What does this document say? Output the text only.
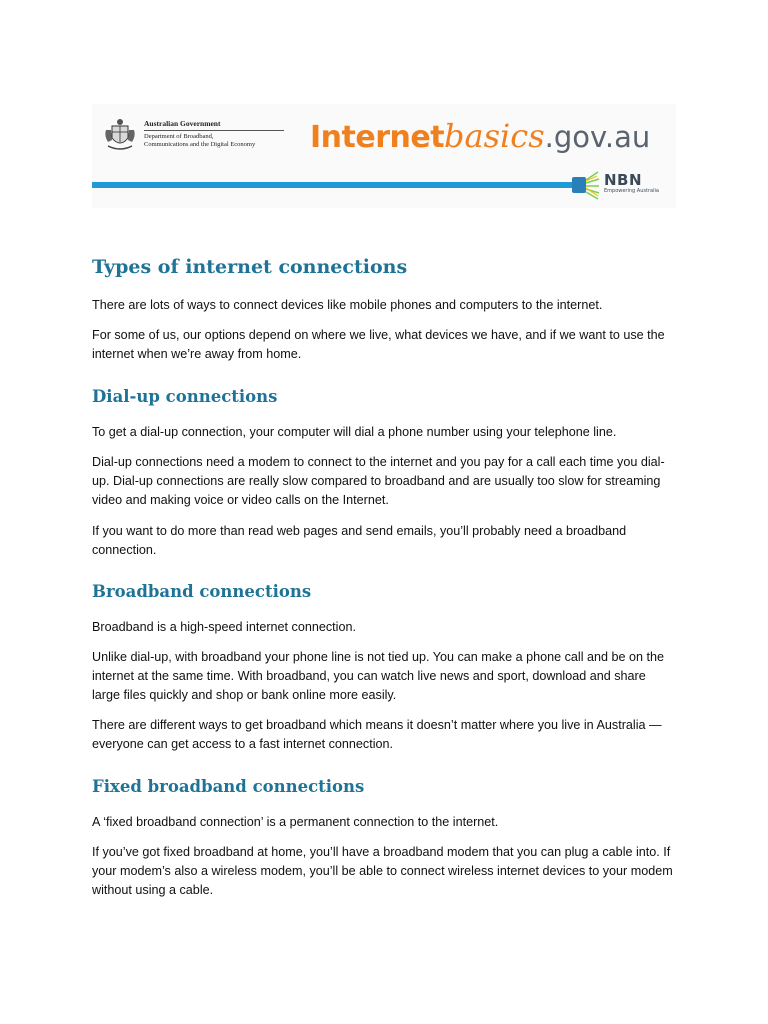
Australian Government
Department of Broadband,
Communications and the Digital Economy	Internetbasics.gov.au
NBN
Empowering Australia
Types of internet connections

There are lots of ways to connect devices like mobile phones and computers to the internet.

For some of us, our options depend on where we live, what devices we have, and if we want to use the internet when we’re away from home.

Dial-up connections

To get a dial-up connection, your computer will dial a phone number using your telephone line.

Dial-up connections need a modem to connect to the internet and you pay for a call each time you dial-up. Dial-up connections are really slow compared to broadband and are usually too slow for streaming video and making voice or video calls on the Internet.

If you want to do more than read web pages and send emails, you’ll probably need a broadband connection.

Broadband connections

Broadband is a high-speed internet connection.

Unlike dial-up, with broadband your phone line is not tied up. You can make a phone call and be on the internet at the same time. With broadband, you can watch live news and sport, download and share large files quickly and shop or bank online more easily.

There are different ways to get broadband which means it doesn’t matter where you live in Australia —everyone can get access to a fast internet connection.

Fixed broadband connections

A ‘fixed broadband connection’ is a permanent connection to the internet.

If you’ve got fixed broadband at home, you’ll have a broadband modem that you can plug a cable into. If your modem’s also a wireless modem, you’ll be able to connect wireless internet devices to your modem without using a cable.
